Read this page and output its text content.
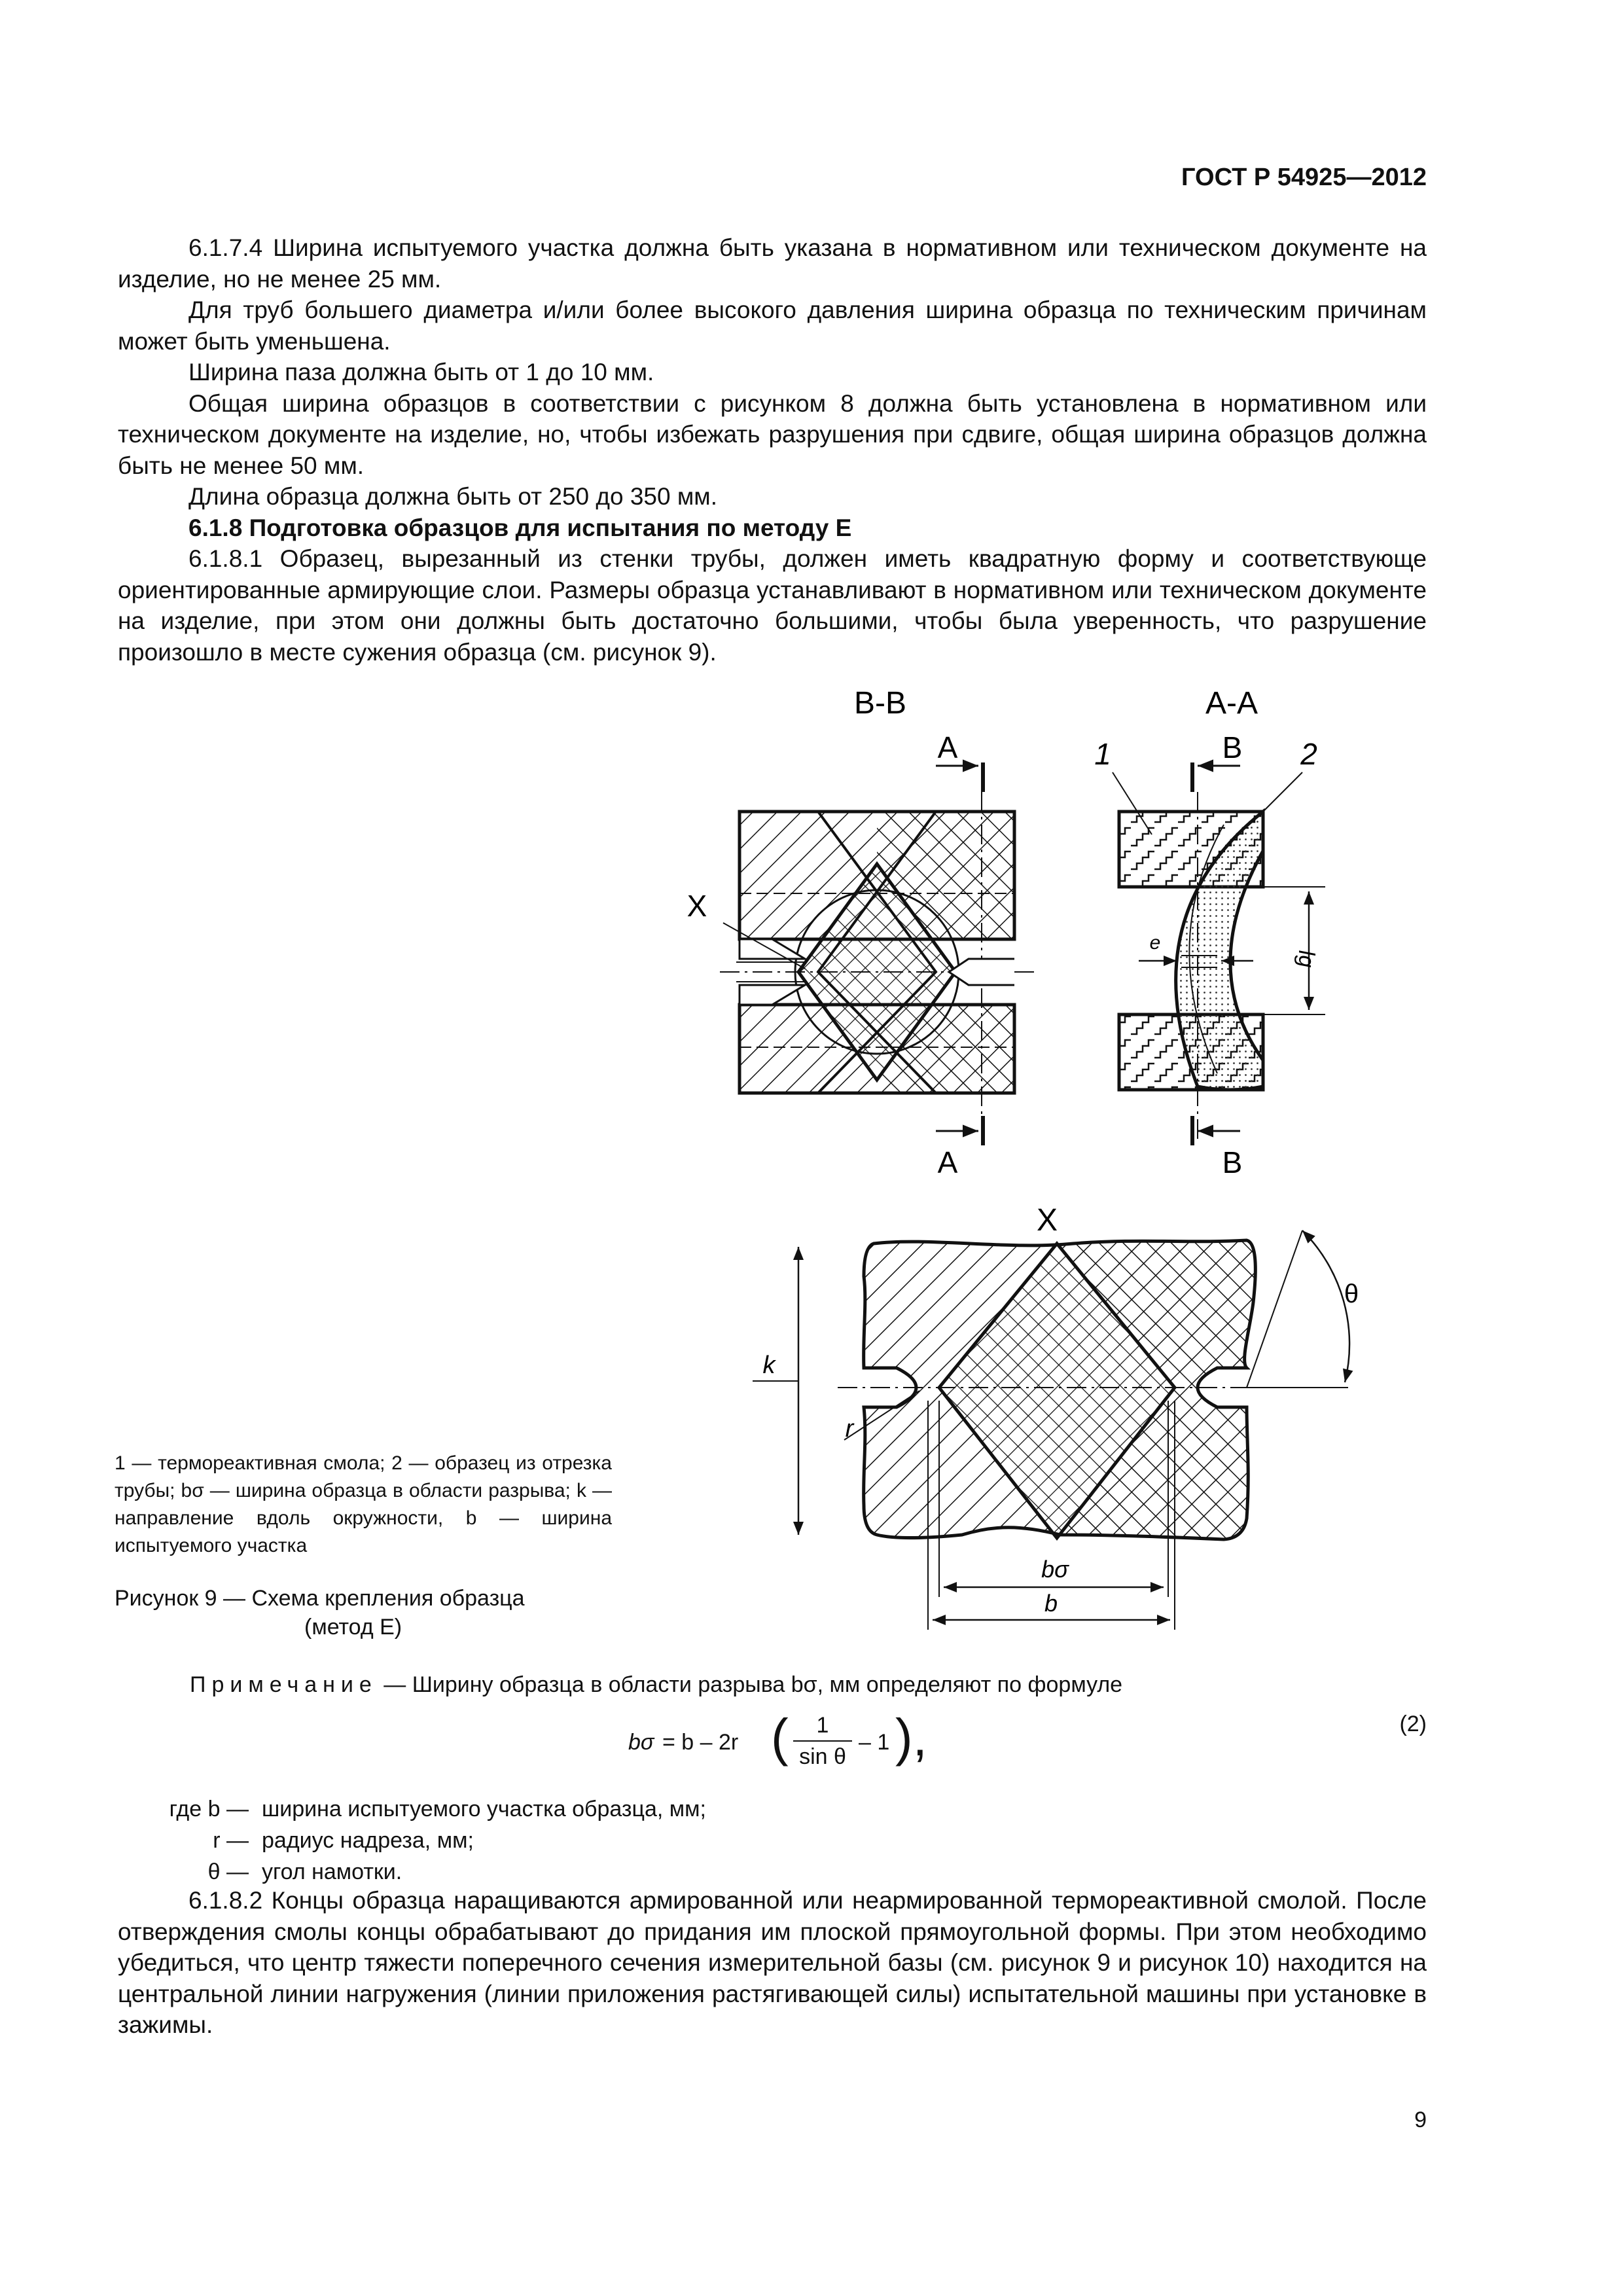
ГОСТ Р 54925—2012

6.1.7.4 Ширина испытуемого участка должна быть указана в нормативном или техническом документе на изделие, но не менее 25 мм.

Для труб большего диаметра и/или более высокого давления ширина образца по техническим причинам может быть уменьшена.

Ширина паза должна быть от 1 до 10 мм.

Общая ширина образцов в соответствии с рисунком 8 должна быть установлена в нормативном или техническом документе на изделие, но, чтобы избежать разрушения при сдвиге, общая ширина образцов должна быть не менее 50 мм.

Длина образца должна быть от 250 до 350 мм.

6.1.8 Подготовка образцов для испытания по методу Е

6.1.8.1 Образец, вырезанный из стенки трубы, должен иметь квадратную форму и соответствующе ориентированные армирующие слои. Размеры образца устанавливают в нормативном или техническом документе на изделие, при этом они должны быть достаточно большими, чтобы была уверенность, что разрушение произошло в месте сужения образца (см. рисунок 9).

В-В
А
А
X
А-А
В
В
1	2
e
lg
X
k
r
θ
bσ
b
1 — термореактивная смола; 2 — образец из отрезка трубы; bσ — ширина образца в области разрыва; k — направление вдоль окружности, b — ширина испытуемого участка
Рисунок 9 — Схема крепления образца
(метод Е)
Примечание — Ширину образца в области разрыва bσ, мм определяют по формуле
bσ = b – 2r (	1
sin θ
– 1 ),	(2)
где b — ширина испытуемого участка образца, мм;
r — радиус надреза, мм;
θ — угол намотки.

6.1.8.2 Концы образца наращиваются армированной или неармированной термореактивной смолой. После отверждения смолы концы обрабатывают до придания им плоской прямоугольной формы. При этом необходимо убедиться, что центр тяжести поперечного сечения измерительной базы (см. рисунок 9 и рисунок 10) находится на центральной линии нагружения (линии приложения растягивающей силы) испытательной машины при установке в зажимы.

9
